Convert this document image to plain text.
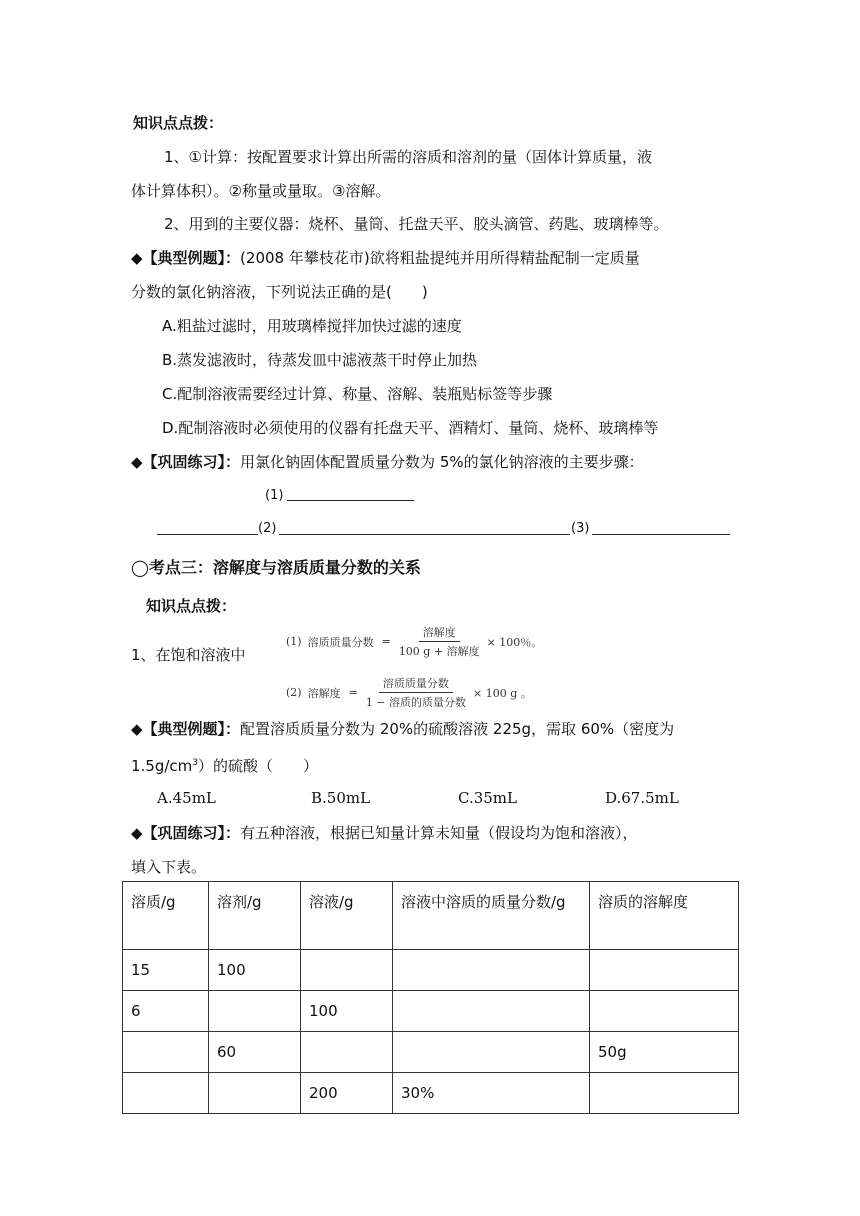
知识点点拨：
1、①计算：按配置要求计算出所需的溶质和溶剂的量（固体计算质量，液
体计算体积）。②称量或量取。③溶解。
2、用到的主要仪器：烧杯、量筒、托盘天平、胶头滴管、药匙、玻璃棒等。
◆【典型例题】：(2008 年攀枝花市)欲将粗盐提纯并用所得精盐配制一定质量
分数的氯化钠溶液，下列说法正确的是(　　)
A.粗盐过滤时，用玻璃棒搅拌加快过滤的速度
B.蒸发滤液时，待蒸发皿中滤液蒸干时停止加热
C.配制溶液需要经过计算、称量、溶解、装瓶贴标签等步骤
D.配制溶液时必须使用的仪器有托盘天平、酒精灯、量筒、烧杯、玻璃棒等
◆【巩固练习】：用氯化钠固体配置质量分数为 5%的氯化钠溶液的主要步骤：
(1)
(2)	(3)
◯考点三：溶解度与溶质质量分数的关系
知识点点拨：
1、在饱和溶液中
(1) 溶质质量分数 = $\frac{\text{溶解度}}{\text{100 g + 溶解度}} \times 100$％。
(2) 溶解度 = $\frac{\text{溶质质量分数}}{\text{1 − 溶质的质量分数}} \times 100$ g 。
◆【典型例题】：配置溶质质量分数为 20%的硫酸溶液 225g，需取 60%（密度为
$1.5g/cm^3$）的硫酸（　　）
A.45mL	B.50mL	C.35mL	D.67.5mL
◆【巩固练习】：有五种溶液，根据已知量计算未知量（假设均为饱和溶液），
填入下表。
溶质/g	溶剂/g	溶液/g	溶液中溶质的质量分数/g	溶质的溶解度
15	100			
6		100		
	60			50g
		200	30%	
